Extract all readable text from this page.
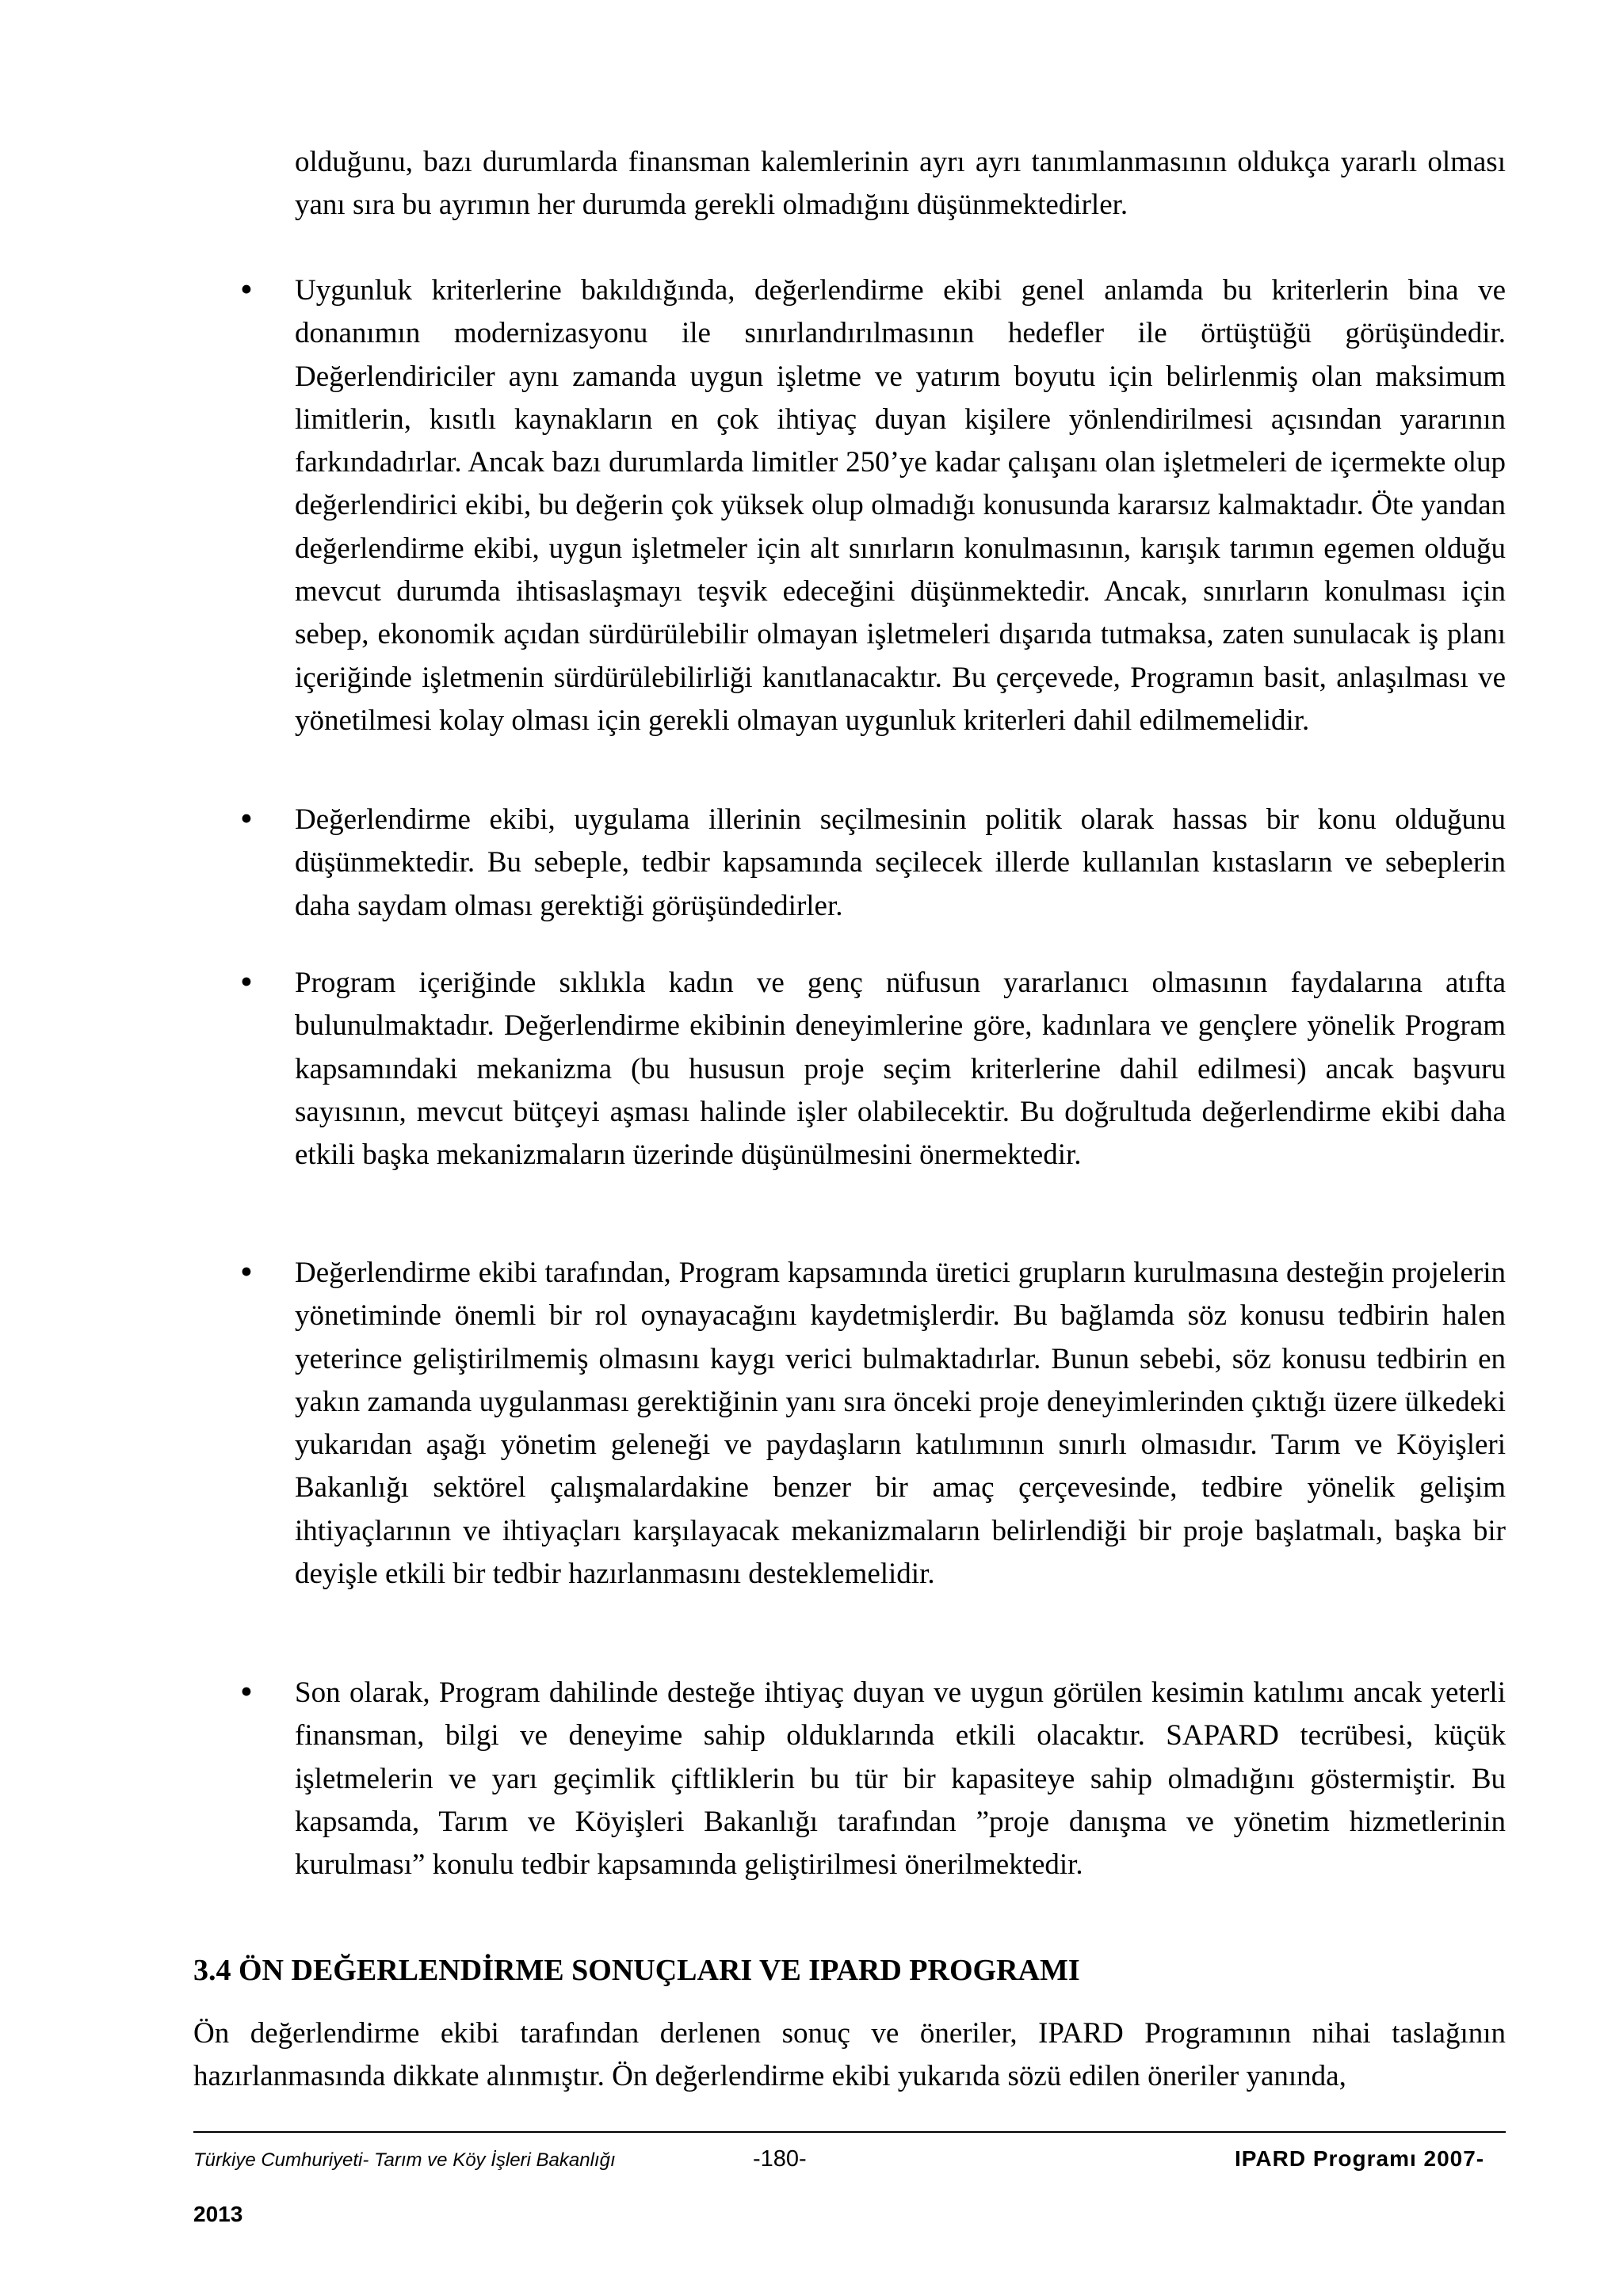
olduğunu, bazı durumlarda finansman kalemlerinin ayrı ayrı tanımlanmasının oldukça yararlı olması yanı sıra bu ayrımın her durumda gerekli olmadığını düşünmektedirler.

• Uygunluk kriterlerine bakıldığında, değerlendirme ekibi genel anlamda bu kriterlerin bina ve donanımın modernizasyonu ile sınırlandırılmasının hedefler ile örtüştüğü görüşündedir. Değerlendiriciler aynı zamanda uygun işletme ve yatırım boyutu için belirlenmiş olan maksimum limitlerin, kısıtlı kaynakların en çok ihtiyaç duyan kişilere yönlendirilmesi açısından yararının farkındadırlar. Ancak bazı durumlarda limitler 250’ye kadar çalışanı olan işletmeleri de içermekte olup değerlendirici ekibi, bu değerin çok yüksek olup olmadığı konusunda kararsız kalmaktadır. Öte yandan değerlendirme ekibi, uygun işletmeler için alt sınırların konulmasının, karışık tarımın egemen olduğu mevcut durumda ihtisaslaşmayı teşvik edeceğini düşünmektedir. Ancak, sınırların konulması için sebep, ekonomik açıdan sürdürülebilir olmayan işletmeleri dışarıda tutmaksa, zaten sunulacak iş planı içeriğinde işletmenin sürdürülebilirliği kanıtlanacaktır. Bu çerçevede, Programın basit, anlaşılması ve yönetilmesi kolay olması için gerekli olmayan uygunluk kriterleri dahil edilmemelidir.

• Değerlendirme ekibi, uygulama illerinin seçilmesinin politik olarak hassas bir konu olduğunu düşünmektedir. Bu sebeple, tedbir kapsamında seçilecek illerde kullanılan kıstasların ve sebeplerin daha saydam olması gerektiği görüşündedirler.

• Program içeriğinde sıklıkla kadın ve genç nüfusun yararlanıcı olmasının faydalarına atıfta bulunulmaktadır. Değerlendirme ekibinin deneyimlerine göre, kadınlara ve gençlere yönelik Program kapsamındaki mekanizma (bu hususun proje seçim kriterlerine dahil edilmesi) ancak başvuru sayısının, mevcut bütçeyi aşması halinde işler olabilecektir. Bu doğrultuda değerlendirme ekibi daha etkili başka mekanizmaların üzerinde düşünülmesini önermektedir.

• Değerlendirme ekibi tarafından, Program kapsamında üretici grupların kurulmasına desteğin projelerin yönetiminde önemli bir rol oynayacağını kaydetmişlerdir. Bu bağlamda söz konusu tedbirin halen yeterince geliştirilmemiş olmasını kaygı verici bulmaktadırlar. Bunun sebebi, söz konusu tedbirin en yakın zamanda uygulanması gerektiğinin yanı sıra önceki proje deneyimlerinden çıktığı üzere ülkedeki yukarıdan aşağı yönetim geleneği ve paydaşların katılımının sınırlı olmasıdır. Tarım ve Köyişleri Bakanlığı sektörel çalışmalardakine benzer bir amaç çerçevesinde, tedbire yönelik gelişim ihtiyaçlarının ve ihtiyaçları karşılayacak mekanizmaların belirlendiği bir proje başlatmalı, başka bir deyişle etkili bir tedbir hazırlanmasını desteklemelidir.

• Son olarak, Program dahilinde desteğe ihtiyaç duyan ve uygun görülen kesimin katılımı ancak yeterli finansman, bilgi ve deneyime sahip olduklarında etkili olacaktır. SAPARD tecrübesi, küçük işletmelerin ve yarı geçimlik çiftliklerin bu tür bir kapasiteye sahip olmadığını göstermiştir. Bu kapsamda, Tarım ve Köyişleri Bakanlığı tarafından ”proje danışma ve yönetim hizmetlerinin kurulması” konulu tedbir kapsamında geliştirilmesi önerilmektedir.

3.4 ÖN DEĞERLENDİRME SONUÇLARI VE IPARD PROGRAMI

Ön değerlendirme ekibi tarafından derlenen sonuç ve öneriler, IPARD Programının nihai taslağının hazırlanmasında dikkate alınmıştır. Ön değerlendirme ekibi yukarıda sözü edilen öneriler yanında,

Türkiye Cumhuriyeti- Tarım ve Köy İşleri Bakanlığı	-180-	IPARD Programı 2007-
2013
